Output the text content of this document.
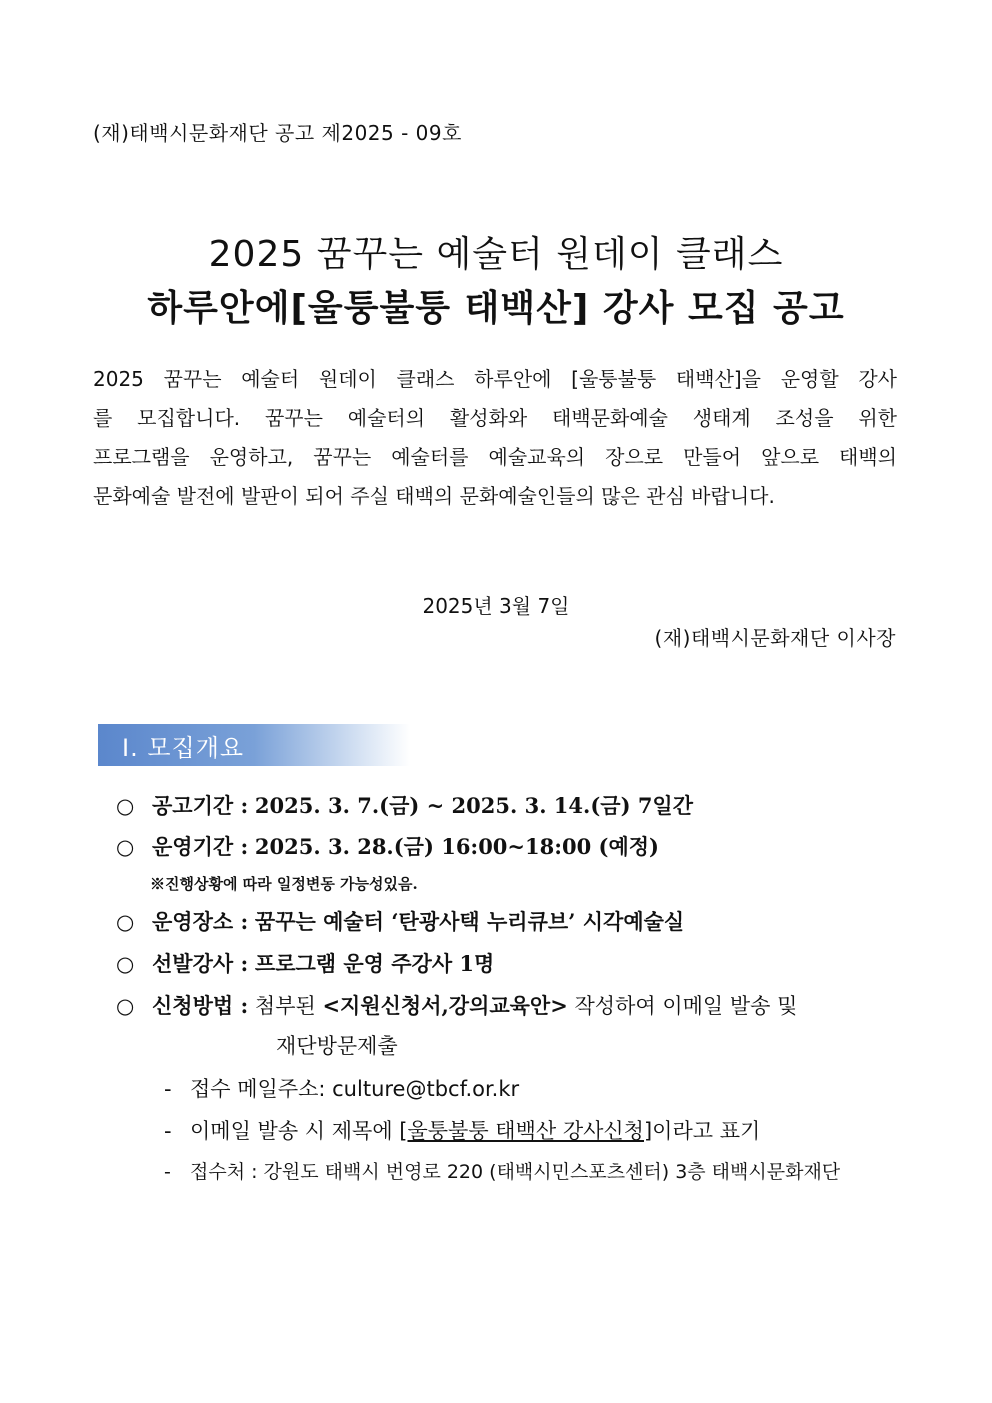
(재)태백시문화재단 공고 제2025 - 09호
2025 꿈꾸는 예술터 원데이 클래스
하루안에[울퉁불퉁 태백산] 강사 모집 공고
2025 꿈꾸는 예술터 원데이 클래스 하루안에 [울퉁불퉁 태백산]을 운영할 강사
를 모집합니다. 꿈꾸는 예술터의 활성화와 태백문화예술 생태계 조성을 위한
프로그램을 운영하고, 꿈꾸는 예술터를 예술교육의 장으로 만들어 앞으로 태백의
문화예술 발전에 발판이 되어 주실 태백의 문화예술인들의 많은 관심 바랍니다.
2025년 3월 7일
(재)태백시문화재단 이사장
Ⅰ. 모집개요
○ 공고기간 : 2025. 3. 7.(금) ~ 2025. 3. 14.(금) 7일간
○ 운영기간 : 2025. 3. 28.(금) 16:00~18:00 (예정)
※진행상황에 따라 일정변동 가능성있음.
○ 운영장소 : 꿈꾸는 예술터 ‘탄광사택 누리큐브’ 시각예술실
○ 선발강사 : 프로그램 운영 주강사 1명
○ 신청방법 : 첨부된 <지원신청서,강의교육안> 작성하여 이메일 발송 및
재단방문제출
- 접수 메일주소: culture@tbcf.or.kr
- 이메일 발송 시 제목에 [울퉁불퉁 태백산 강사신청]이라고 표기
- 접수처 : 강원도 태백시 번영로 220 (태백시민스포츠센터) 3층 태백시문화재단
